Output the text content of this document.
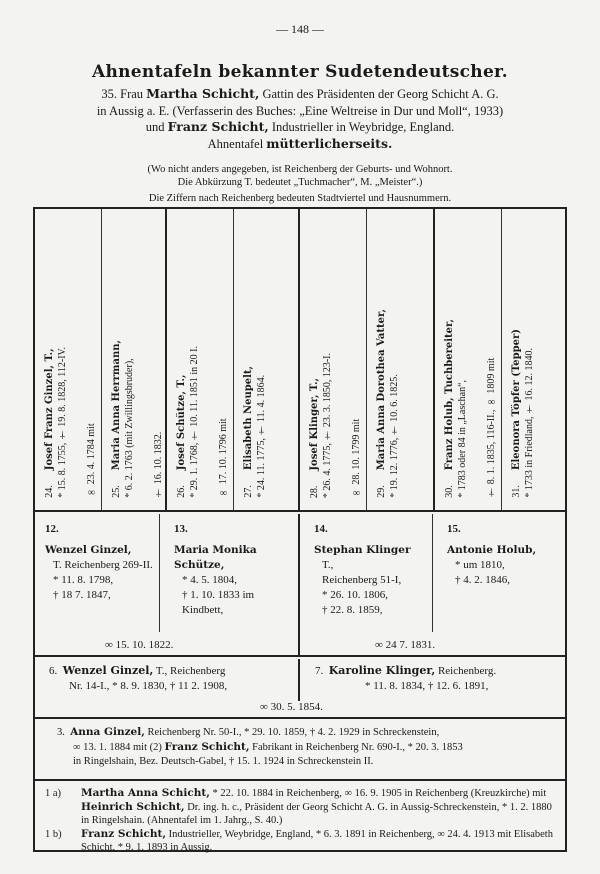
— 148 —
Ahnentafeln bekannter Sudetendeutscher.
35. Frau Martha Schicht, Gattin des Präsidenten der Georg Schicht A. G.
in Aussig a. E. (Verfasserin des Buches: „Eine Weltreise in Dur und Moll“, 1933)
und Franz Schicht, Industrieller in Weybridge, England.
Ahnentafel mütterlicherseits.
(Wo nicht anders angegeben, ist Reichenberg der Geburts- und Wohnort.
Die Abkürzung T. bedeutet „Tuchmacher“, M. „Meister“.)
Die Ziffern nach Reichenberg bedeuten Stadtviertel und Hausnummern.
24.  Josef Franz Ginzel, T., * 15. 8. 1755, † 19. 8. 1828, 112-IV.	∞ 23. 4. 1784 mit	25.  Maria Anna Herrmann, * 6. 2. 1763 (mit Zwillingsbruder),	† 16. 10. 1832.	26.  Josef Schütze, T., * 29. 1. 1768, † 10. 11. 1851 in 20 I.	∞ 17. 10. 1796 mit	27.  Elisabeth Neupelt, * 24. 11. 1775, † 11. 4. 1864.	28.  Josef Klinger, T., * 26. 4. 1775, † 23. 3. 1850, 123-I.	∞ 28. 10. 1799 mit	29.  Maria Anna Dorothea Vatter, * 19. 12. 1776, † 10. 6. 1825.	30.  Franz Holub, Tuchbereiter, * 1783 oder 84 in „Laschan“,	† 8. 1. 1835, 116-II., ∞ 1809 mit	31.  Eleonora Töpfer (Tepper) * 1733 in Friedland, † 16. 12. 1840.
12.
Wenzel Ginzel,
T. Reichenberg 269-II.
* 11. 8. 1798,
† 18 7. 1847,
13.
Maria Monika Schütze,
* 4. 5. 1804,
† 1. 10. 1833 im
Kindbett,
14.
Stephan Klinger
T.,
Reichenberg 51-I,
* 26. 10. 1806,
† 22. 8. 1859,
15.
Antonie Holub,
* um 1810,
† 4. 2. 1846,
∞ 15. 10. 1822.	∞ 24 7. 1831.
6. Wenzel Ginzel, T., Reichenberg
Nr. 14-I., * 8. 9. 1830, † 11 2. 1908,
7. Karoline Klinger, Reichenberg.
* 11. 8. 1834, † 12. 6. 1891,
∞ 30. 5. 1854.
3. Anna Ginzel, Reichenberg Nr. 50-I., * 29. 10. 1859, † 4. 2. 1929 in Schreckenstein,
∞ 13. 1. 1884 mit (2) Franz Schicht, Fabrikant in Reichenberg Nr. 690-I., * 20. 3. 1853
in Ringelshain, Bez. Deutsch-Gabel, † 15. 1. 1924 in Schreckenstein II.
1 a)	Martha Anna Schicht, * 22. 10. 1884 in Reichenberg, ∞ 16. 9. 1905 in Reichenberg (Kreuzkirche) mit Heinrich Schicht, Dr. ing. h. c., Präsident der Georg Schicht A. G. in Aussig-Schreckenstein, * 1. 2. 1880 in Ringelshain. (Ahnentafel im 1. Jahrg., S. 40.)
1 b)	Franz Schicht, Industrieller, Weybridge, England, * 6. 3. 1891 in Reichenberg, ∞ 24. 4. 1913 mit Elisabeth Schicht, * 9. 1. 1893 in Aussig.
